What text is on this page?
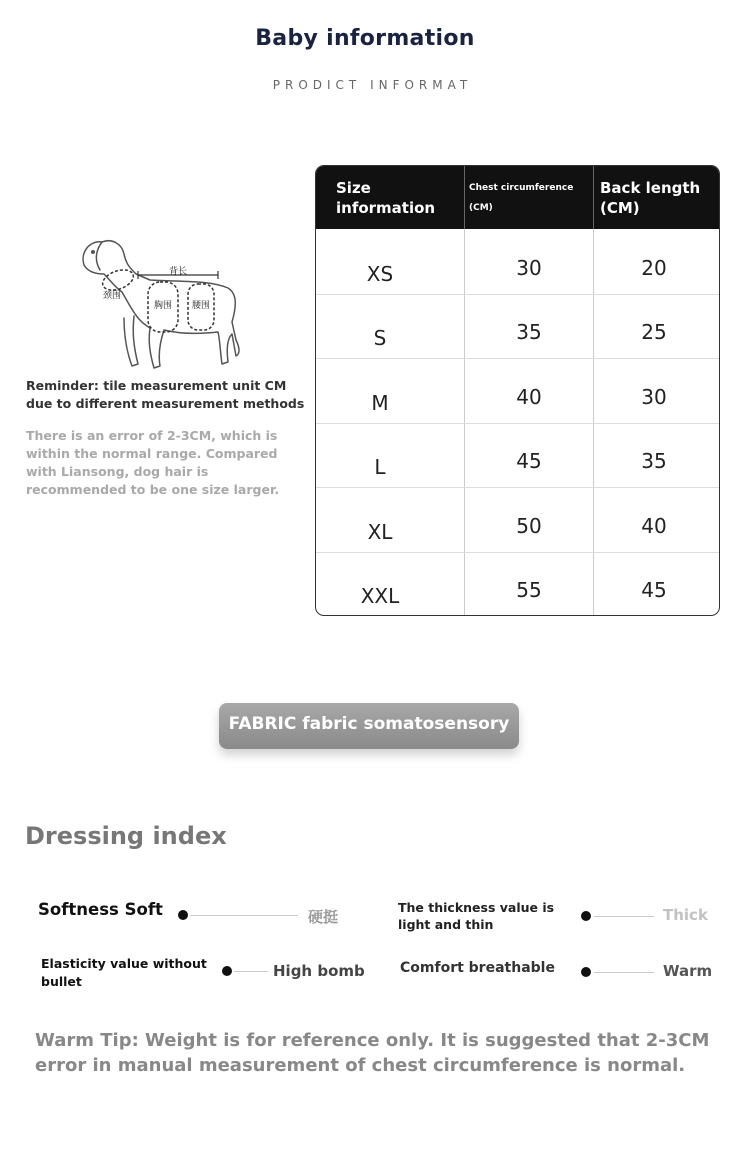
Baby information
PRODICT INFORMAT
背长
颈围
胸围 腰围
Reminder: tile measurement unit CM due to different measurement methods
There is an error of 2-3CM, which is within the normal range. Compared with Liansong, dog hair is recommended to be one size larger.
Size information
Chest circumference (CM)
Back length (CM)
XS	30	20
S	35	25
M	40	30
L	45	35
XL	50	40
XXL	55	45
FABRIC fabric somatosensory
Dressing index
Softness Soft	硬挺
The thickness value is light and thin
Thick
Elasticity value without bullet
High bomb	Comfort breathable	Warm
Warm Tip: Weight is for reference only. It is suggested that 2-3CM error in manual measurement of chest circumference is normal.
